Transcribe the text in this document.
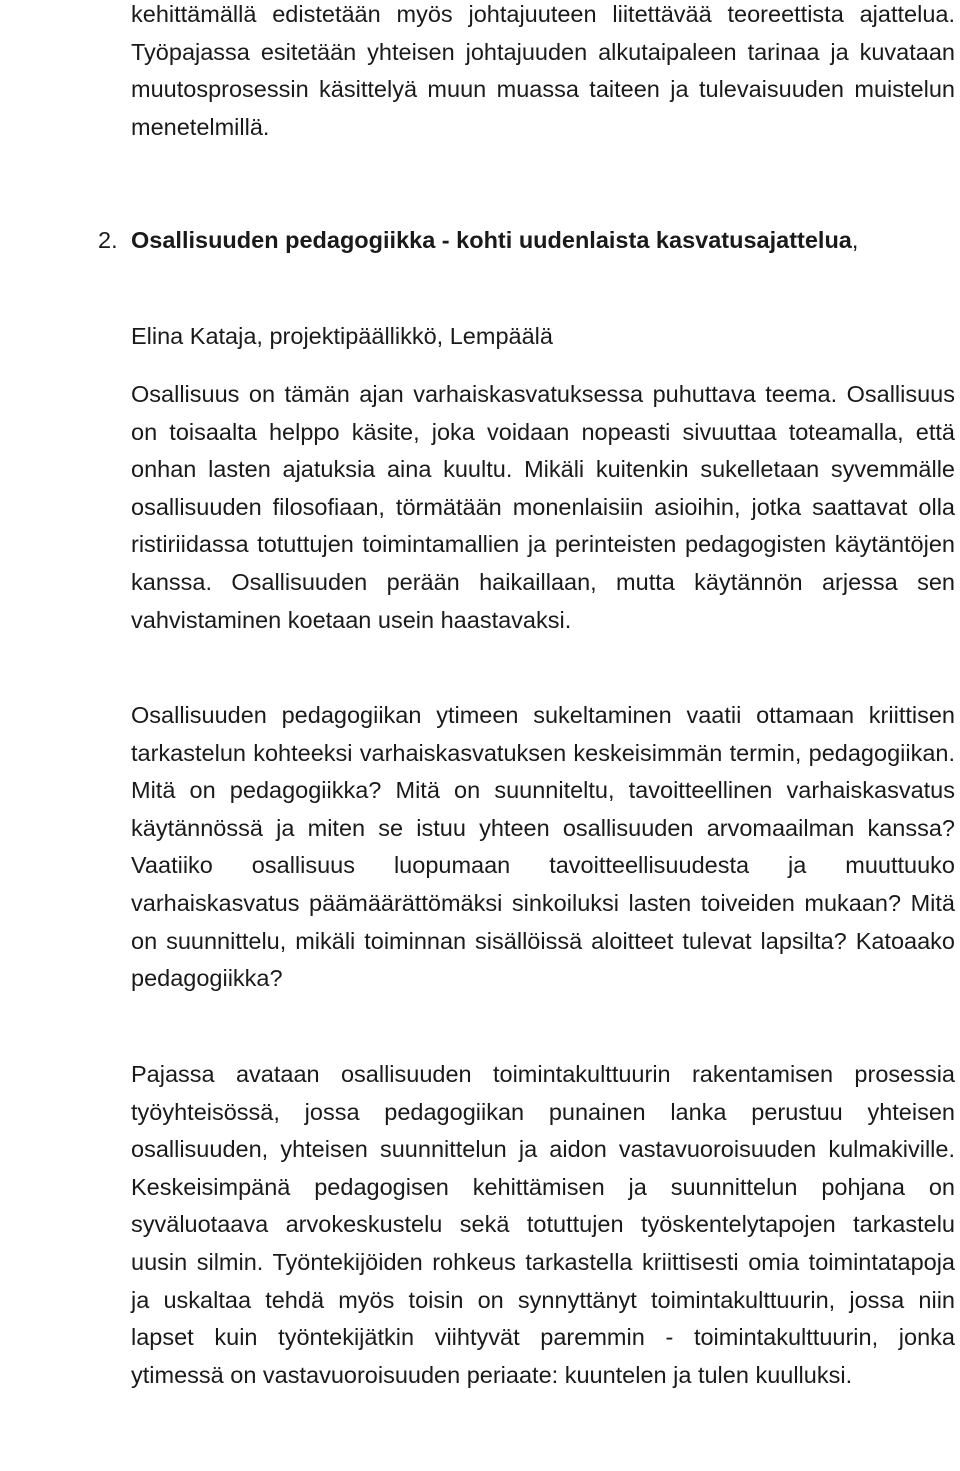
kehittämällä edistetään myös johtajuuteen liitettävää teoreettista ajattelua. Työpajassa esitetään yhteisen johtajuuden alkutaipaleen tarinaa ja kuvataan muutosprosessin käsittelyä muun muassa taiteen ja tulevaisuuden muistelun menetelmillä.

2. Osallisuuden pedagogiikka - kohti uudenlaista kasvatusajattelua,

Elina Kataja, projektipäällikkö, Lempäälä

Osallisuus on tämän ajan varhaiskasvatuksessa puhuttava teema. Osallisuus on toisaalta helppo käsite, joka voidaan nopeasti sivuuttaa toteamalla, että onhan lasten ajatuksia aina kuultu. Mikäli kuitenkin sukelletaan syvemmälle osallisuuden filosofiaan, törmätään monenlaisiin asioihin, jotka saattavat olla ristiriidassa totuttujen toimintamallien ja perinteisten pedagogisten käytäntöjen kanssa. Osallisuuden perään haikaillaan, mutta käytännön arjessa sen vahvistaminen koetaan usein haastavaksi.

Osallisuuden pedagogiikan ytimeen sukeltaminen vaatii ottamaan kriittisen tarkastelun kohteeksi varhaiskasvatuksen keskeisimmän termin, pedagogiikan. Mitä on pedagogiikka? Mitä on suunniteltu, tavoitteellinen varhaiskasvatus käytännössä ja miten se istuu yhteen osallisuuden arvomaailman kanssa? Vaatiiko osallisuus luopumaan tavoitteellisuudesta ja muuttuuko varhaiskasvatus päämäärättömäksi sinkoiluksi lasten toiveiden mukaan? Mitä on suunnittelu, mikäli toiminnan sisällöissä aloitteet tulevat lapsilta? Katoaako pedagogiikka?

Pajassa avataan osallisuuden toimintakulttuurin rakentamisen prosessia työyhteisössä, jossa pedagogiikan punainen lanka perustuu yhteisen osallisuuden, yhteisen suunnittelun ja aidon vastavuoroisuuden kulmakiville. Keskeisimpänä pedagogisen kehittämisen ja suunnittelun pohjana on syväluotaava arvokeskustelu sekä totuttujen työskentelytapojen tarkastelu uusin silmin. Työntekijöiden rohkeus tarkastella kriittisesti omia toimintatapoja ja uskaltaa tehdä myös toisin on synnyttänyt toimintakulttuurin, jossa niin lapset kuin työntekijätkin viihtyvät paremmin - toimintakulttuurin, jonka ytimessä on vastavuoroisuuden periaate: kuuntelen ja tulen kuulluksi.
